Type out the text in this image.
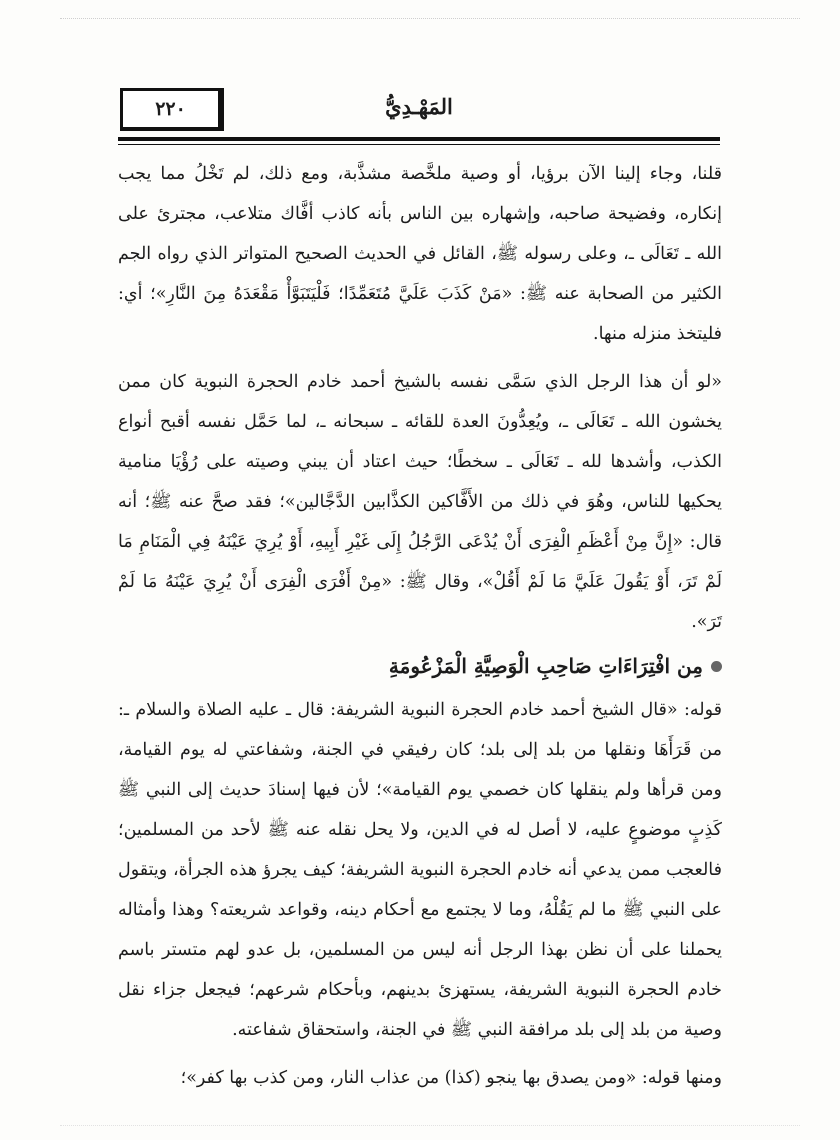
٢٢٠	المَهْـدِيُّ

قلنا، وجاء إلينا الآن برؤيا، أو وصية ملخَّصة مشذَّبة، ومع ذلك، لم تَخْلُ مما يجب إنكاره، وفضيحة صاحبه، وإشهاره بين الناس بأنه كاذب أفَّاك متلاعب، مجترئ على الله ـ تَعَالَى ـ، وعلى رسوله ﷺ، القائل في الحديث الصحيح المتواتر الذي رواه الجم الكثير من الصحابة عنه ﷺ: «مَنْ كَذَبَ عَلَيَّ مُتَعَمِّدًا؛ فَلْيَتَبَوَّأْ مَقْعَدَهُ مِنَ النَّارِ»؛ أي: فليتخذ منزله منها.

«لو أن هذا الرجل الذي سَمَّى نفسه بالشيخ أحمد خادم الحجرة النبوية كان ممن يخشون الله ـ تَعَالَى ـ، ويُعِدُّونَ العدة للقائه ـ سبحانه ـ، لما حَمَّل نفسه أقبح أنواع الكذب، وأشدها لله ـ تَعَالَى ـ سخطًا؛ حيث اعتاد أن يبني وصيته على رُؤْيَا منامية يحكيها للناس، وهُوَ في ذلك من الأَفَّاكين الكذَّابين الدَّجَّالين»؛ فقد صحَّ عنه ﷺ؛ أنه قال: «إِنَّ مِنْ أَعْظَمِ الْفِرَى أَنْ يُدْعَى الرَّجُلُ إِلَى غَيْرِ أَبِيهِ، أَوْ يُرِيَ عَيْنَهُ فِي الْمَنَامِ مَا لَمْ تَرَ، أَوْ يَقُولَ عَلَيَّ مَا لَمْ أَقُلْ»، وقال ﷺ: «مِنْ أَفْرَى الْفِرَى أَنْ يُرِيَ عَيْنَهُ مَا لَمْ تَرَ».

مِن افْتِرَاءَاتِ صَاحِبِ الْوَصِيَّةِ الْمَزْعُومَةِ

قوله: «قال الشيخ أحمد خادم الحجرة النبوية الشريفة: قال ـ عليه الصلاة والسلام ـ: من قَرَأَهَا ونقلها من بلد إلى بلد؛ كان رفيقي في الجنة، وشفاعتي له يوم القيامة، ومن قرأها ولم ينقلها كان خصمي يوم القيامة»؛ لأن فيها إسنادَ حديث إلى النبي ﷺ كَذِبٍ موضوعٍ عليه، لا أصل له في الدين، ولا يحل نقله عنه ﷺ لأحد من المسلمين؛ فالعجب ممن يدعي أنه خادم الحجرة النبوية الشريفة؛ كيف يجرؤ هذه الجرأة، ويتقول على النبي ﷺ ما لم يَقُلْهُ، وما لا يجتمع مع أحكام دينه، وقواعد شريعته؟ وهذا وأمثاله يحملنا على أن نظن بهذا الرجل أنه ليس من المسلمين، بل عدو لهم متستر باسم خادم الحجرة النبوية الشريفة، يستهزئ بدينهم، وبأحكام شرعهم؛ فيجعل جزاء نقل وصية من بلد إلى بلد مرافقة النبي ﷺ في الجنة، واستحقاق شفاعته.

ومنها قوله: «ومن يصدق بها ينجو (كذا) من عذاب النار، ومن كذب بها كفر»؛
